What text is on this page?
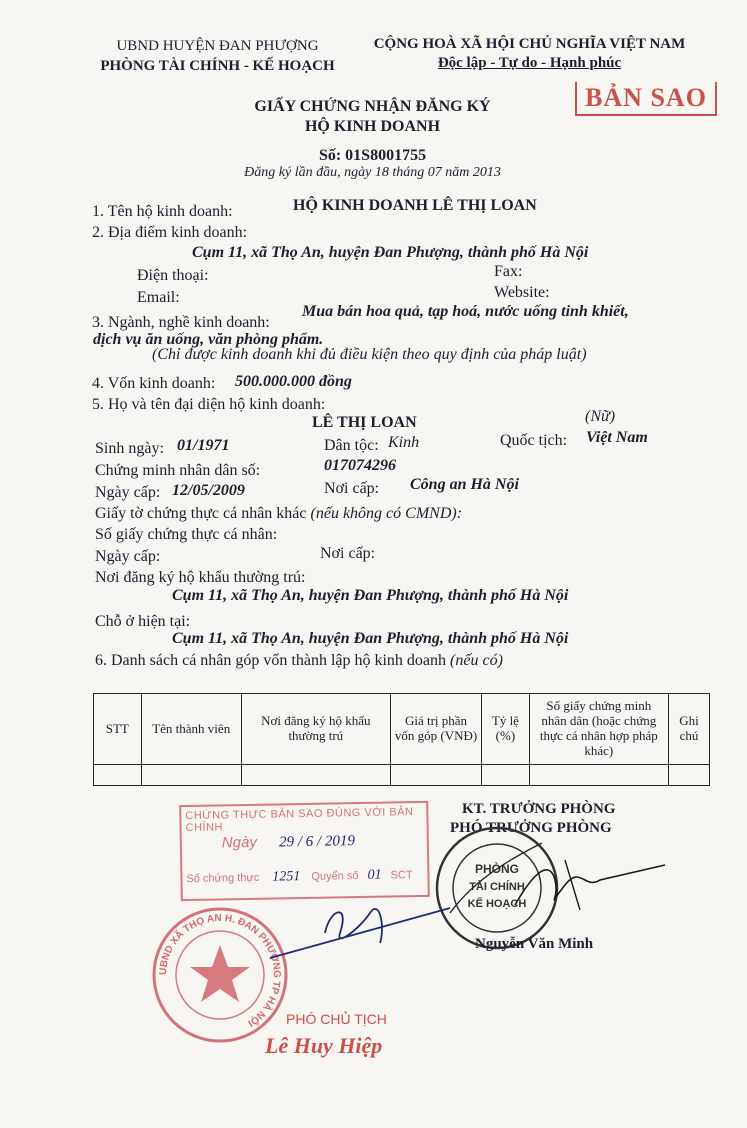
UBND HUYỆN ĐAN PHƯỢNG
PHÒNG TÀI CHÍNH - KẾ HOẠCH
CỘNG HOÀ XÃ HỘI CHỦ NGHĨA VIỆT NAM
Độc lập - Tự do - Hạnh phúc
BẢN SAO
GIẤY CHỨNG NHẬN ĐĂNG KÝ
HỘ KINH DOANH
Số: 01S8001755
Đăng ký lần đầu, ngày 18 tháng 07 năm 2013
1. Tên hộ kinh doanh:	HỘ KINH DOANH LÊ THỊ LOAN
2. Địa điểm kinh doanh:
Cụm 11, xã Thọ An, huyện Đan Phượng, thành phố Hà Nội
Điện thoại:	Fax:
Email:	Website:
3. Ngành, nghề kinh doanh:
Mua bán hoa quả, tạp hoá, nước uống tinh khiết,
dịch vụ ăn uống, văn phòng phẩm.
(Chỉ được kinh doanh khi đủ điều kiện theo quy định của pháp luật)
4. Vốn kinh doanh: 500.000.000 đồng
5. Họ và tên đại diện hộ kinh doanh:
LÊ THỊ LOAN	(Nữ)
Sinh ngày: 01/1971	Dân tộc: Kinh	Quốc tịch: Việt Nam
Chứng minh nhân dân số:	017074296
Ngày cấp: 12/05/2009	Nơi cấp: Công an Hà Nội
Giấy tờ chứng thực cá nhân khác (nếu không có CMND):
Số giấy chứng thực cá nhân:
Ngày cấp:	Nơi cấp:
Nơi đăng ký hộ khẩu thường trú:
Cụm 11, xã Thọ An, huyện Đan Phượng, thành phố Hà Nội
Chỗ ở hiện tại:
Cụm 11, xã Thọ An, huyện Đan Phượng, thành phố Hà Nội
6. Danh sách cá nhân góp vốn thành lập hộ kinh doanh (nếu có)
STT	Tên thành viên	Nơi đăng ký hộ khẩu thường trú	Giá trị phần vốn góp (VNĐ)	Tỷ lệ (%)	Số giấy chứng minh nhân dân (hoặc chứng thực cá nhân hợp pháp khác)	Ghi chú

KT. TRƯỞNG PHÒNG
PHÓ TRƯỞNG PHÒNG
PHÒNG
TÀI CHÍNH
KẾ HOẠCH
Nguyễn Văn Minh
CHỨNG THỰC BẢN SAO ĐÚNG VỚI BẢN CHÍNH
Ngày 29 / 6 / 2019
Số chứng thực 1251 Quyển số 01 SCT
UBND XÃ THỌ AN H. ĐAN PHƯỢNG TP HÀ NỘI	PHÓ CHỦ TỊCH
Lê Huy Hiệp
